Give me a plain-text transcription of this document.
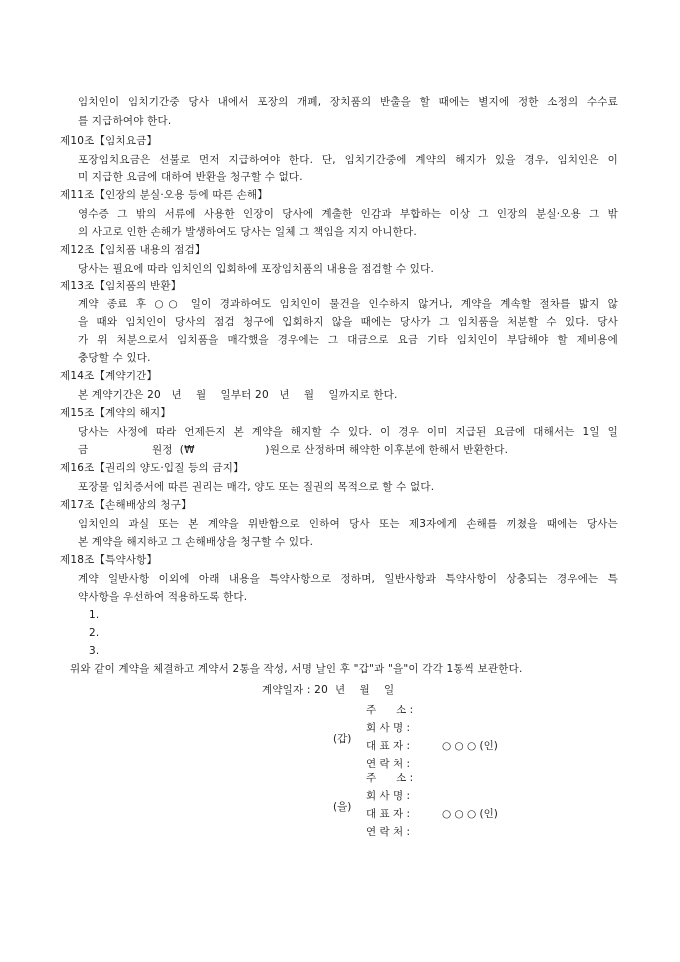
임치인이 임치기간중 당사 내에서 포장의 개폐, 장치품의 반출을 할 때에는 별지에 정한 소정의 수수료
를 지급하여야 한다.
제10조【임치요금】
포장임치요금은 선불로 먼저 지급하여야 한다. 단, 임치기간중에 계약의 해지가 있을 경우, 임치인은 이
미 지급한 요금에 대하여 반환을 청구할 수 없다.
제11조【인장의 분실·오용 등에 따른 손해】
영수증 그 밖의 서류에 사용한 인장이 당사에 계출한 인감과 부합하는 이상 그 인장의 분실·오용 그 밖
의 사고로 인한 손해가 발생하여도 당사는 일체 그 책임을 지지 아니한다.
제12조【임치품 내용의 점검】
당사는 필요에 따라 임치인의 입회하에 포장임치품의 내용을 점검할 수 있다.
제13조【임치품의 반환】
계약 종료 후 ○○ 일이 경과하여도 임치인이 물건을 인수하지 않거나, 계약을 계속할 절차를 밟지 않
을 때와 임치인이 당사의 점검 청구에 입회하지 않을 때에는 당사가 그 임치품을 처분할 수 있다. 당사
가 위 처분으로서 임치품을 매각했을 경우에는 그 대금으로 요금 기타 임치인이 부담해야 할 제비용에
충당할 수 있다.
제14조【계약기간】
본 계약기간은 20   년    월    일부터 20   년    월    일까지로 한다.
제15조【계약의 해지】
당사는 사정에 따라 언제든지 본 계약을 해지할 수 있다. 이 경우 이미 지급된 요금에 대해서는 1일 일
금                  원정  (₩                    )원으로 산정하며 해약한 이후분에 한해서 반환한다.
제16조【권리의 양도·입질 등의 금지】
포장물 임치증서에 따른 권리는 매각, 양도 또는 질권의 목적으로 할 수 없다.
제17조【손해배상의 청구】
임치인의 과실 또는 본 계약을 위반함으로 인하여 당사 또는 제3자에게 손해를 끼쳤을 때에는 당사는
본 계약을 해지하고 그 손해배상을 청구할 수 있다.
제18조【특약사항】
계약 일반사항 이외에 아래 내용을 특약사항으로 정하며, 일반사항과 특약사항이 상충되는 경우에는 특
약사항을 우선하여 적용하도록 한다.
1.
2.
3.
위와 같이 계약을 체결하고 계약서 2통을 작성, 서명 날인 후 "갑"과 "을"이 각각 1통씩 보관한다.
계약일자 : 20  년    월    일
(갑)
주      소 :
회 사 명 :
대 표 자 :	○ ○ ○ (인)
연 락 처 :
(을)
주      소 :
회 사 명 :
대 표 자 :	○ ○ ○ (인)
연 락 처 :
